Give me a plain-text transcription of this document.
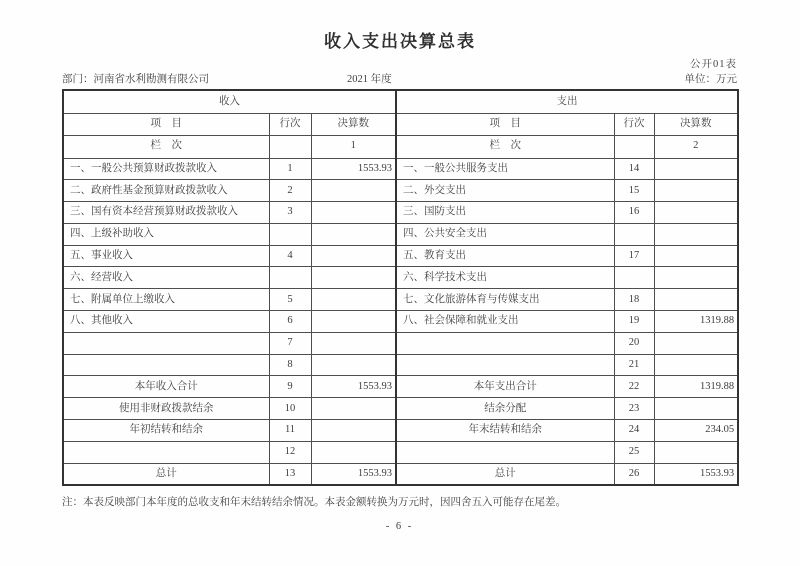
收入支出决算总表
公开01表
部门：河南省水利勘测有限公司	2021 年度	单位：万元
收入			支出		
项　目	行次	决算数	项　目	行次	决算数
栏　次		1	栏　次		2
一、一般公共预算财政拨款收入	1	1553.93	一、一般公共服务支出	14	
二、政府性基金预算财政拨款收入	2		二、外交支出	15	
三、国有资本经营预算财政拨款收入	3		三、国防支出	16	
四、上级补助收入			四、公共安全支出		
五、事业收入	4		五、教育支出	17	
六、经营收入			六、科学技术支出		
七、附属单位上缴收入	5		七、文化旅游体育与传媒支出	18	
八、其他收入	6		八、社会保障和就业支出	19	1319.88
	7			20	
	8			21	
本年收入合计	9	1553.93	本年支出合计	22	1319.88
使用非财政拨款结余	10		结余分配	23	
年初结转和结余	11		年末结转和结余	24	234.05
	12			25	
总计	13	1553.93	总计	26	1553.93
注：本表反映部门本年度的总收支和年末结转结余情况。本表金额转换为万元时，因四舍五入可能存在尾差。
- 6 -
